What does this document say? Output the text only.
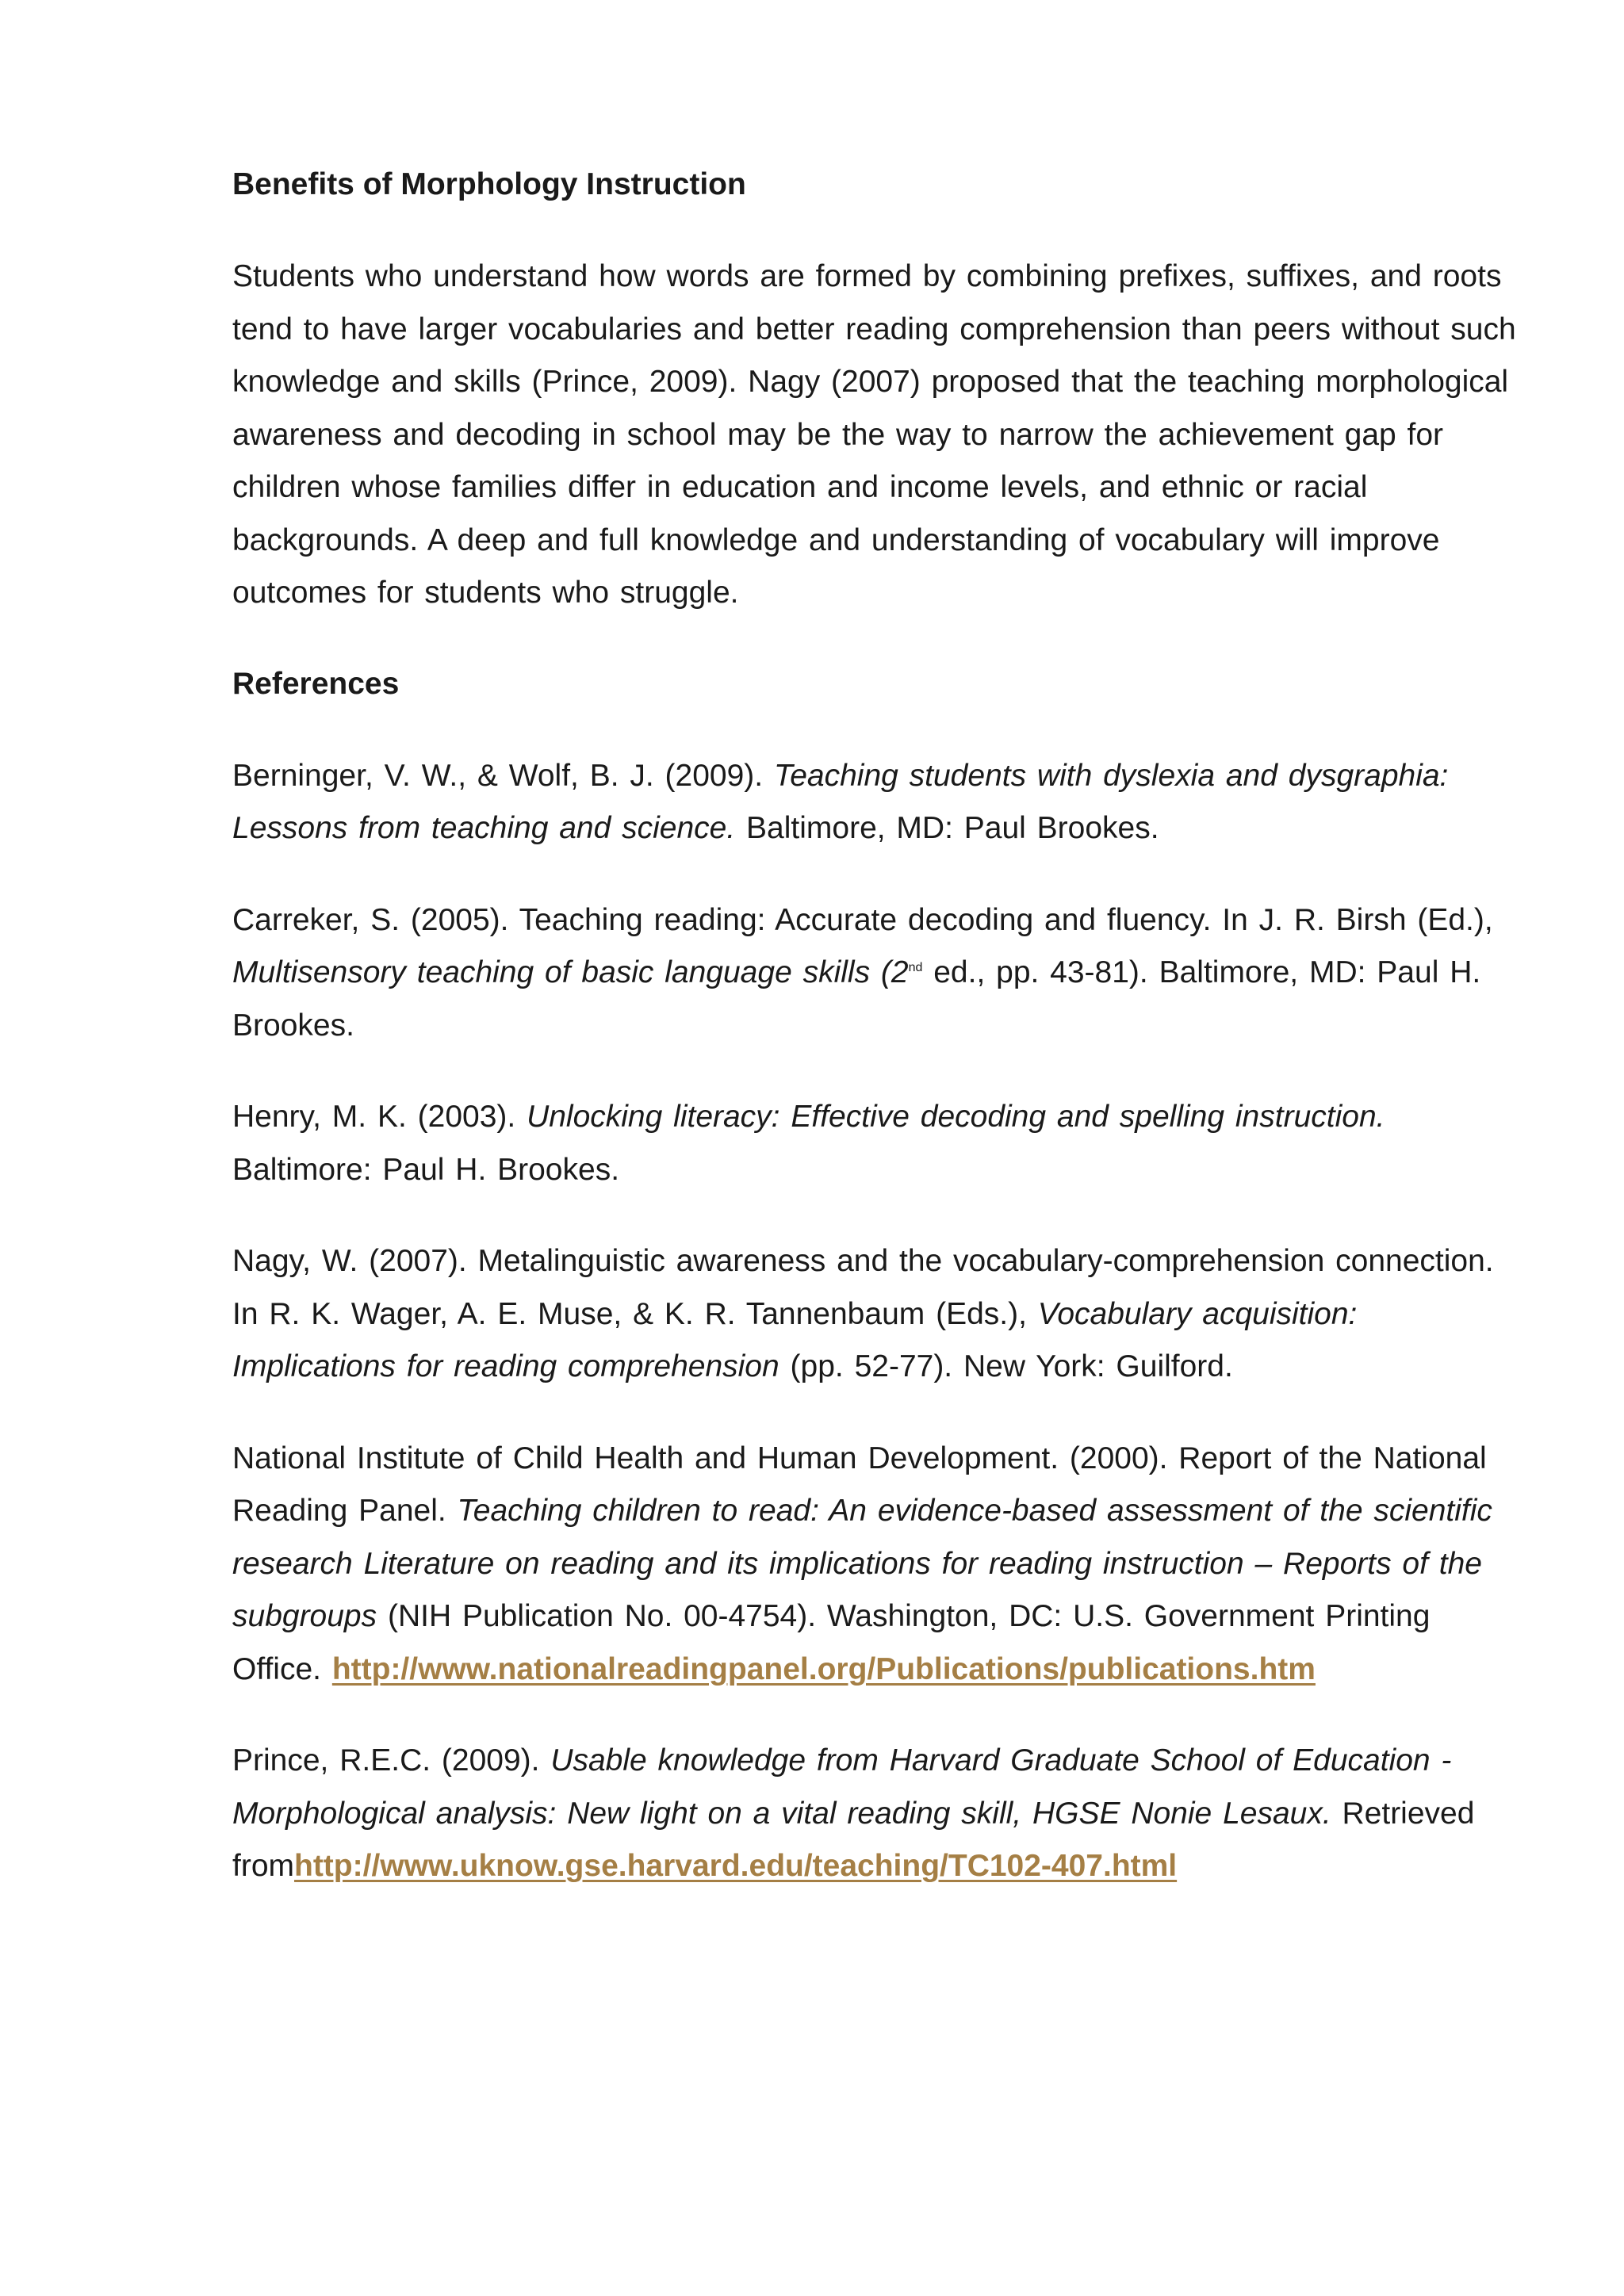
Benefits of Morphology Instruction

Students who understand how words are formed by combining prefixes, suffixes, and roots tend to have larger vocabularies and better reading comprehension than peers without such knowledge and skills (Prince, 2009). Nagy (2007) proposed that the teaching morphological awareness and decoding in school may be the way to narrow the achievement gap for children whose families differ in education and income levels, and ethnic or racial backgrounds. A deep and full knowledge and understanding of vocabulary will improve outcomes for students who struggle.

References

Berninger, V. W., & Wolf, B. J. (2009). Teaching students with dyslexia and dysgraphia: Lessons from teaching and science. Baltimore, MD: Paul Brookes.

Carreker, S. (2005). Teaching reading: Accurate decoding and fluency. In J. R. Birsh (Ed.), Multisensory teaching of basic language skills (2nd ed., pp. 43-81). Baltimore, MD: Paul H. Brookes.

Henry, M. K. (2003). Unlocking literacy: Effective decoding and spelling instruction. Baltimore: Paul H. Brookes.

Nagy, W. (2007). Metalinguistic awareness and the vocabulary-comprehension connection. In R. K. Wager, A. E. Muse, & K. R. Tannenbaum (Eds.), Vocabulary acquisition: Implications for reading comprehension (pp. 52-77). New York: Guilford.

National Institute of Child Health and Human Development. (2000). Report of the National Reading Panel. Teaching children to read: An evidence-based assessment of the scientific research Literature on reading and its implications for reading instruction – Reports of the subgroups (NIH Publication No. 00-4754). Washington, DC: U.S. Government Printing Office. http://www.nationalreadingpanel.org/Publications/publications.htm

Prince, R.E.C. (2009). Usable knowledge from Harvard Graduate School of Education - Morphological analysis: New light on a vital reading skill, HGSE Nonie Lesaux. Retrieved fromhttp://www.uknow.gse.harvard.edu/teaching/TC102-407.html
